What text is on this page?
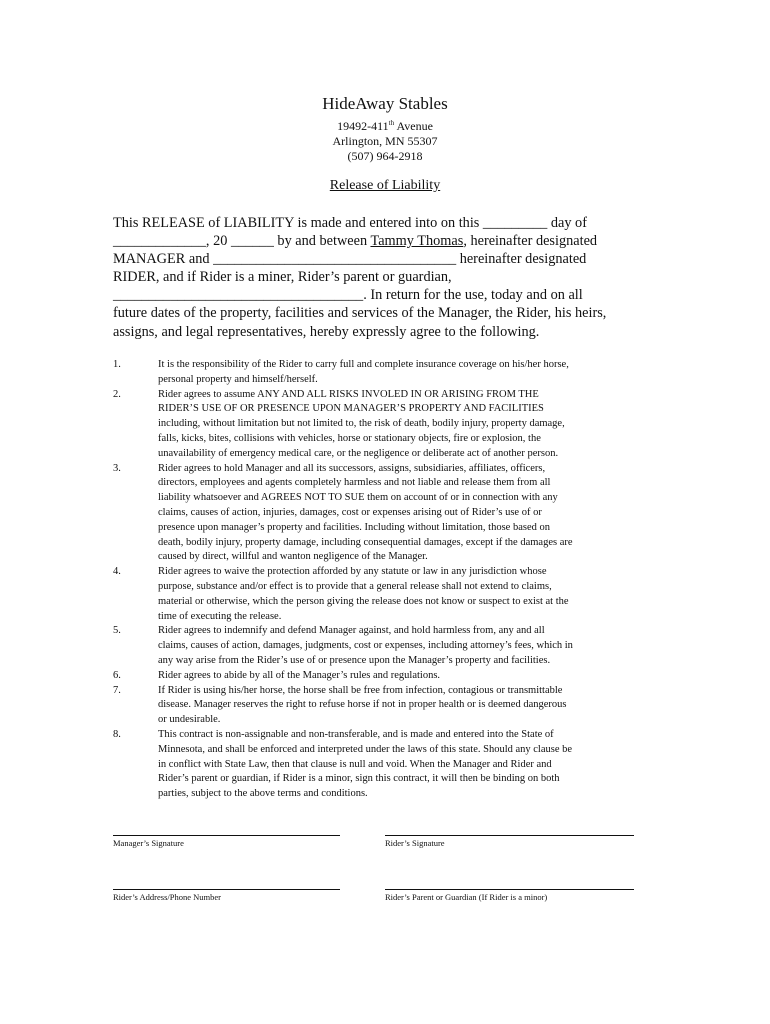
HideAway Stables
19492-411th Avenue
Arlington, MN 55307
(507) 964-2918
Release of Liability
This RELEASE of LIABILITY is made and entered into on this _________ day of
_____________, 20 ______ by and between Tammy Thomas, hereinafter designated
MANAGER and __________________________________ hereinafter designated
RIDER, and if Rider is a miner, Rider’s parent or guardian,
___________________________________. In return for the use, today and on all
future dates of the property, facilities and services of the Manager, the Rider, his heirs,
assigns, and legal representatives, hereby expressly agree to the following.
1.	It is the responsibility of the Rider to carry full and complete insurance coverage on his/her horse,
personal property and himself/herself.
2.	Rider agrees to assume ANY AND ALL RISKS INVOLED IN OR ARISING FROM THE
RIDER’S USE OF OR PRESENCE UPON MANAGER’S PROPERTY AND FACILITIES
including, without limitation but not limited to, the risk of death, bodily injury, property damage,
falls, kicks, bites, collisions with vehicles, horse or stationary objects, fire or explosion, the
unavailability of emergency medical care, or the negligence or deliberate act of another person.
3.	Rider agrees to hold Manager and all its successors, assigns, subsidiaries, affiliates, officers,
directors, employees and agents completely harmless and not liable and release them from all
liability whatsoever and AGREES NOT TO SUE them on account of or in connection with any
claims, causes of action, injuries, damages, cost or expenses arising out of Rider’s use of or
presence upon manager’s property and facilities. Including without limitation, those based on
death, bodily injury, property damage, including consequential damages, except if the damages are
caused by direct, willful and wanton negligence of the Manager.
4.	Rider agrees to waive the protection afforded by any statute or law in any jurisdiction whose
purpose, substance and/or effect is to provide that a general release shall not extend to claims,
material or otherwise, which the person giving the release does not know or suspect to exist at the
time of executing the release.
5.	Rider agrees to indemnify and defend Manager against, and hold harmless from, any and all
claims, causes of action, damages, judgments, cost or expenses, including attorney’s fees, which in
any way arise from the Rider’s use of or presence upon the Manager’s property and facilities.
6.	Rider agrees to abide by all of the Manager’s rules and regulations.
7.	If Rider is using his/her horse, the horse shall be free from infection, contagious or transmittable
disease. Manager reserves the right to refuse horse if not in proper health or is deemed dangerous
or undesirable.
8.	This contract is non-assignable and non-transferable, and is made and entered into the State of
Minnesota, and shall be enforced and interpreted under the laws of this state. Should any clause be
in conflict with State Law, then that clause is null and void. When the Manager and Rider and
Rider’s parent or guardian, if Rider is a minor, sign this contract, it will then be binding on both
parties, subject to the above terms and conditions.
Manager’s Signature	Rider’s Signature
Rider’s Address/Phone Number	Rider’s Parent or Guardian (If Rider is a minor)
